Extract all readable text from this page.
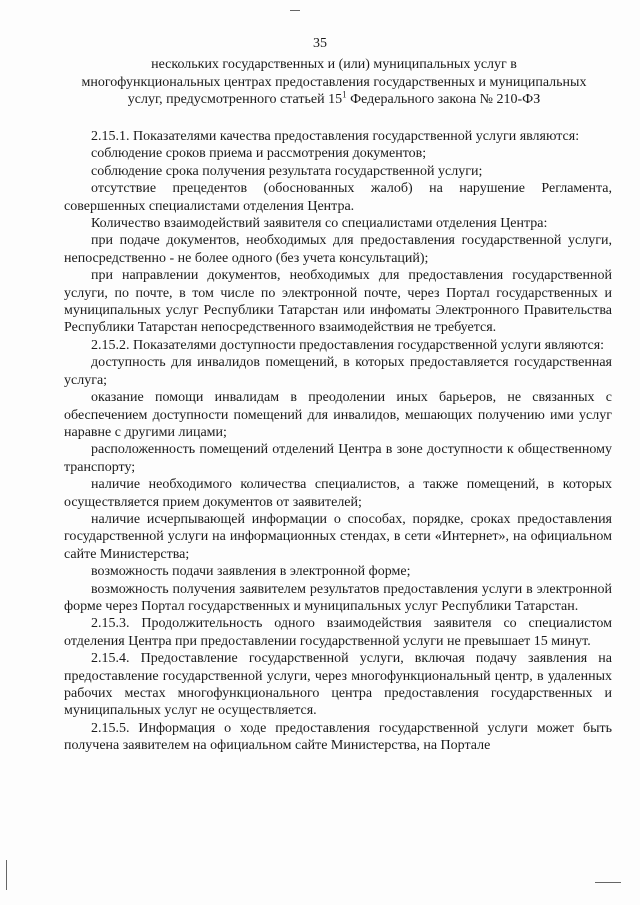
35
нескольких государственных и (или) муниципальных услуг в
многофункциональных центрах предоставления государственных и муниципальных
услуг, предусмотренного статьей $15^1$ Федерального закона № 210-ФЗ

2.15.1. Показателями качества предоставления государственной услуги являются:

соблюдение сроков приема и рассмотрения документов;

соблюдение срока получения результата государственной услуги;

отсутствие прецедентов (обоснованных жалоб) на нарушение Регламента, совершенных специалистами отделения Центра.

Количество взаимодействий заявителя со специалистами отделения Центра:

при подаче документов, необходимых для предоставления государственной услуги, непосредственно - не более одного (без учета консультаций);

при направлении документов, необходимых для предоставления государственной услуги, по почте, в том числе по электронной почте, через Портал государственных и муниципальных услуг Республики Татарстан или инфоматы Электронного Правительства Республики Татарстан непосредственного взаимодействия не требуется.

2.15.2. Показателями доступности предоставления государственной услуги являются:

доступность для инвалидов помещений, в которых предоставляется государственная услуга;

оказание помощи инвалидам в преодолении иных барьеров, не связанных с обеспечением доступности помещений для инвалидов, мешающих получению ими услуг наравне с другими лицами;

расположенность помещений отделений Центра в зоне доступности к общественному транспорту;

наличие необходимого количества специалистов, а также помещений, в которых осуществляется прием документов от заявителей;

наличие исчерпывающей информации о способах, порядке, сроках предоставления государственной услуги на информационных стендах, в сети «Интернет», на официальном сайте Министерства;

возможность подачи заявления в электронной форме;

возможность получения заявителем результатов предоставления услуги в электронной форме через Портал государственных и муниципальных услуг Республики Татарстан.

2.15.3. Продолжительность одного взаимодействия заявителя со специалистом отделения Центра при предоставлении государственной услуги не превышает 15 минут.

2.15.4. Предоставление государственной услуги, включая подачу заявления на предоставление государственной услуги, через многофункциональный центр, в удаленных рабочих местах многофункционального центра предоставления государственных и муниципальных услуг не осуществляется.

2.15.5. Информация о ходе предоставления государственной услуги может быть получена заявителем на официальном сайте Министерства, на Портале
